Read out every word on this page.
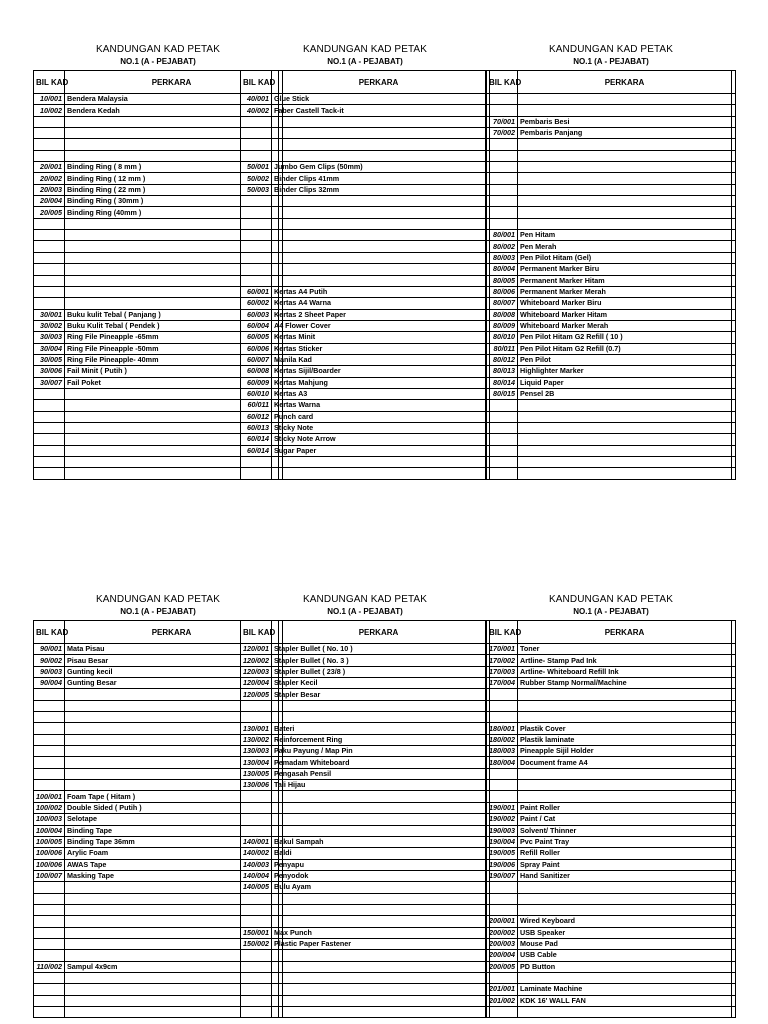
KANDUNGAN KAD PETAK
NO.1 (A - PEJABAT)
BIL KAD	PERKARA	
10/001	Bendera Malaysia	
10/002	Bendera Kedah	

20/001	Binding Ring ( 8 mm )	
20/002	Binding Ring ( 12 mm )	
20/003	Binding Ring ( 22 mm )	
20/004	Binding Ring ( 30mm )	
20/005	Binding Ring (40mm )	

30/001	Buku kulit Tebal ( Panjang )	
30/002	Buku Kulit Tebal ( Pendek )	
30/003	Ring File Pineapple -65mm	
30/004	Ring File Pineapple -50mm	
30/005	Ring File Pineapple- 40mm	
30/006	Fail Minit ( Putih )	
30/007	Fail Poket	

KANDUNGAN KAD PETAK
NO.1 (A - PEJABAT)
BIL KAD	PERKARA	
40/001	Glue Stick	
40/002	Faber Castell Tack-it	

50/001	Jumbo Gem Clips (50mm)	
50/002	Binder Clips 41mm	
50/003	Binder Clips 32mm	

60/001	Kertas A4 Putih	
60/002	Kertas A4 Warna	
60/003	Kertas 2 Sheet Paper	
60/004	A4 Flower Cover	
60/005	Kertas Minit	
60/006	Kertas Sticker	
60/007	Manila Kad	
60/008	Kertas Sijil/Boarder	
60/009	Kertas Mahjung	
60/010	Kertas A3	
60/011	Kertas Warna	
60/012	Punch card	
60/013	Sticky Note	
60/014	Sticky Note Arrow	
60/014	Sugar Paper	

KANDUNGAN KAD PETAK
NO.1 (A - PEJABAT)
BIL KAD	PERKARA	

70/001	Pembaris Besi	
70/002	Pembaris Panjang	

80/001	Pen Hitam	
80/002	Pen Merah	
80/003	Pen Pilot Hitam (Gel)	
80/004	Permanent Marker Biru	
80/005	Permanent Marker Hitam	
80/006	Permanent Marker Merah	
80/007	Whiteboard Marker Biru	
80/008	Whiteboard Marker Hitam	
80/009	Whiteboard Marker Merah	
80/010	Pen Pilot Hitam G2 Refill ( 10 )	
80/011	Pen Pilot Hitam G2 Refill (0.7)	
80/012	Pen Pilot	
80/013	Highlighter Marker	
80/014	Liquid Paper	
80/015	Pensel 2B	

KANDUNGAN KAD PETAK
NO.1 (A - PEJABAT)
BIL KAD	PERKARA	
90/001	Mata Pisau	
90/002	Pisau Besar	
90/003	Gunting kecil	
90/004	Gunting Besar	

100/001	Foam Tape ( Hitam )	
100/002	Double Sided ( Putih )	
100/003	Selotape	
100/004	Binding Tape	
100/005	Binding Tape 36mm	
100/006	Arylic Foam	
100/006	AWAS Tape	
100/007	Masking Tape	

110/002	Sampul 4x9cm	

KANDUNGAN KAD PETAK
NO.1 (A - PEJABAT)
BIL KAD	PERKARA	
120/001	Stapler Bullet ( No. 10 )	
120/002	Stapler Bullet ( No. 3 )	
120/003	Stapler Bullet ( 23/8 )	
120/004	Stapler Kecil	
120/005	Stapler Besar	

130/001	Bateri	
130/002	Reinforcement Ring	
130/003	Paku Payung / Map Pin	
130/004	Pemadam Whiteboard	
130/005	Pengasah Pensil	
130/006	Tali Hijau	

140/001	Bakul Sampah	
140/002	Baldi	
140/003	Penyapu	
140/004	Penyodok	
140/005	Bulu Ayam	

150/001	Max Punch	
150/002	Plastic Paper Fastener	

KANDUNGAN KAD PETAK
NO.1 (A - PEJABAT)
BIL KAD	PERKARA	
170/001	Toner	
170/002	Artline- Stamp Pad Ink	
170/003	Artline- Whiteboard Refill Ink	
170/004	Rubber Stamp Normal/Machine	

180/001	Plastik Cover	
180/002	Plastik laminate	
180/003	Pineapple Sijil Holder	
180/004	Document frame A4	

190/001	Paint Roller	
190/002	Paint / Cat	
190/003	Solvent/ Thinner	
190/004	Pvc Paint Tray	
190/005	Refill Roller	
190/006	Spray Paint	
190/007	Hand Sanitizer	

200/001	Wired Keyboard	
200/002	USB Speaker	
200/003	Mouse Pad	
200/004	USB Cable	
200/005	PD Button	

201/001	Laminate Machine	
201/002	KDK 16' WALL FAN	
